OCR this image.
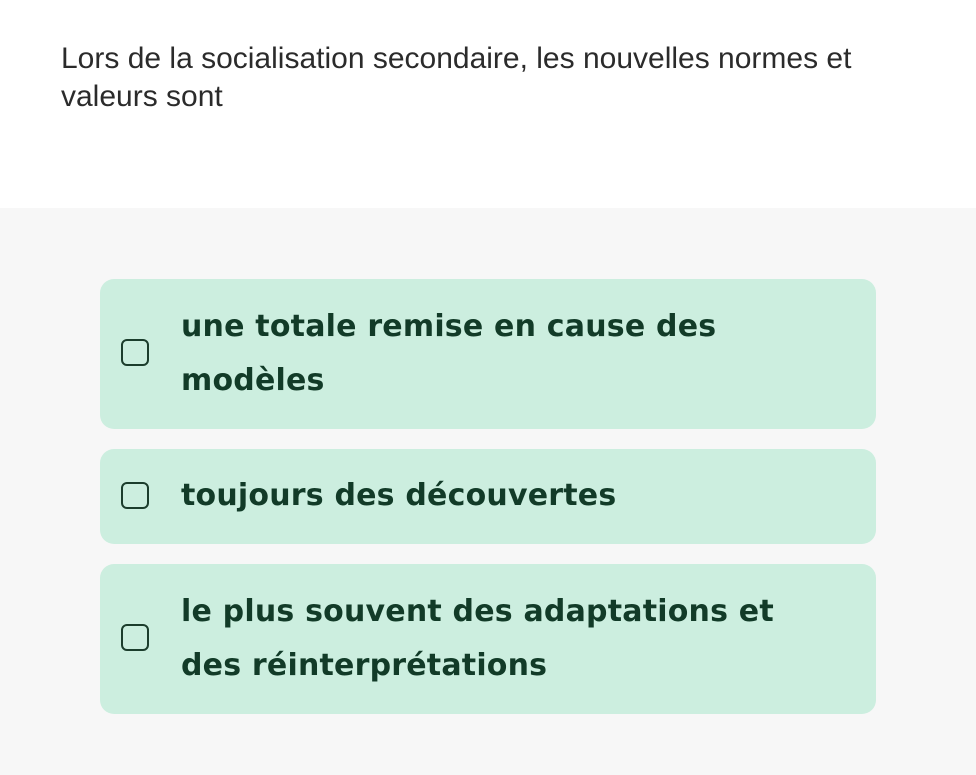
Lors de la socialisation secondaire, les nouvelles normes et valeurs sont

une totale remise en cause des modèles
toujours des découvertes
le plus souvent des adaptations et des réinterprétations
